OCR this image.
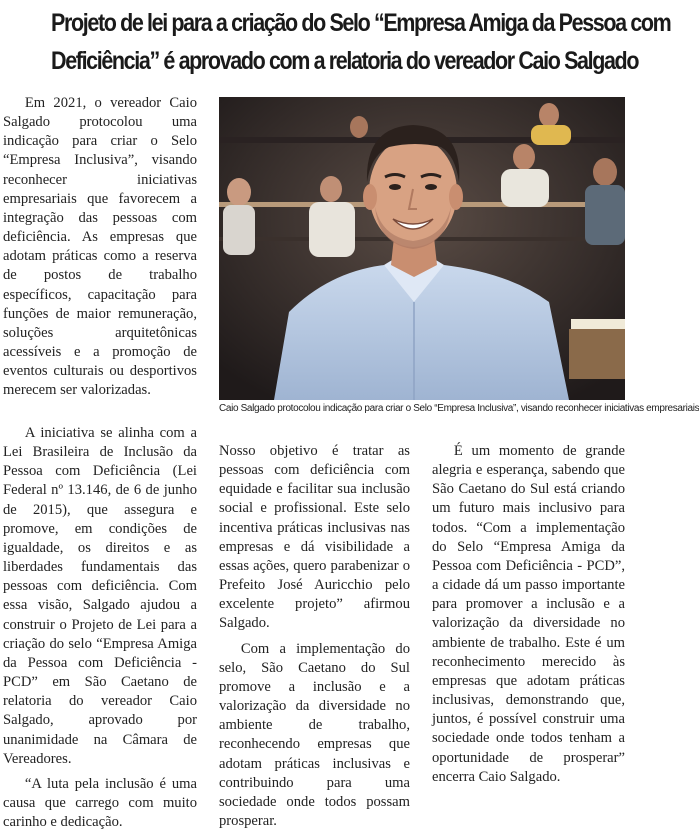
Projeto de lei para a criação do Selo “Empresa Amiga da Pessoa com
Deficiência” é aprovado com a relatoria do vereador Caio Salgado

Em 2021, o vereador Caio Salgado protocolou uma indicação para criar o Selo “Empresa Inclusiva”, visando reconhecer iniciativas empresariais que favorecem a integração das pessoas com deficiência. As empresas que adotam práticas como a reserva de postos de trabalho específicos, capacitação para funções de maior remuneração, soluções arquitetônicas acessíveis e a promoção de eventos culturais ou desportivos merecem ser valorizadas.

Caio Salgado protocolou indicação para criar o Selo “Empresa Inclusiva”, visando reconhecer iniciativas empresariais

A iniciativa se alinha com a Lei Brasileira de Inclusão da Pessoa com Deficiência (Lei Federal nº 13.146, de 6 de junho de 2015), que assegura e promove, em condições de igualdade, os direitos e as liberdades fundamentais das pessoas com deficiência. Com essa visão, Salgado ajudou a construir o Projeto de Lei para a criação do selo “Empresa Amiga da Pessoa com Deficiência - PCD” em São Caetano de relatoria do vereador Caio Salgado, aprovado por unanimidade na Câmara de Vereadores.

“A luta pela inclusão é uma causa que carrego com muito carinho e dedicação.

Nosso objetivo é tratar as pessoas com deficiência com equidade e facilitar sua inclusão social e profissional. Este selo incentiva práticas inclusivas nas empresas e dá visibilidade a essas ações, quero parabenizar o Prefeito José Auricchio pelo excelente projeto” afirmou Salgado.

Com a implementação do selo, São Caetano do Sul promove a inclusão e a valorização da diversidade no ambiente de trabalho, reconhecendo empresas que adotam práticas inclusivas e contribuindo para uma sociedade onde todos possam prosperar.

É um momento de grande alegria e esperança, sabendo que São Caetano do Sul está criando um futuro mais inclusivo para todos. “Com a implementação do Selo “Empresa Amiga da Pessoa com Deficiência - PCD”, a cidade dá um passo importante para promover a inclusão e a valorização da diversidade no ambiente de trabalho. Este é um reconhecimento merecido às empresas que adotam práticas inclusivas, demonstrando que, juntos, é possível construir uma sociedade onde todos tenham a oportunidade de prosperar” encerra Caio Salgado.
